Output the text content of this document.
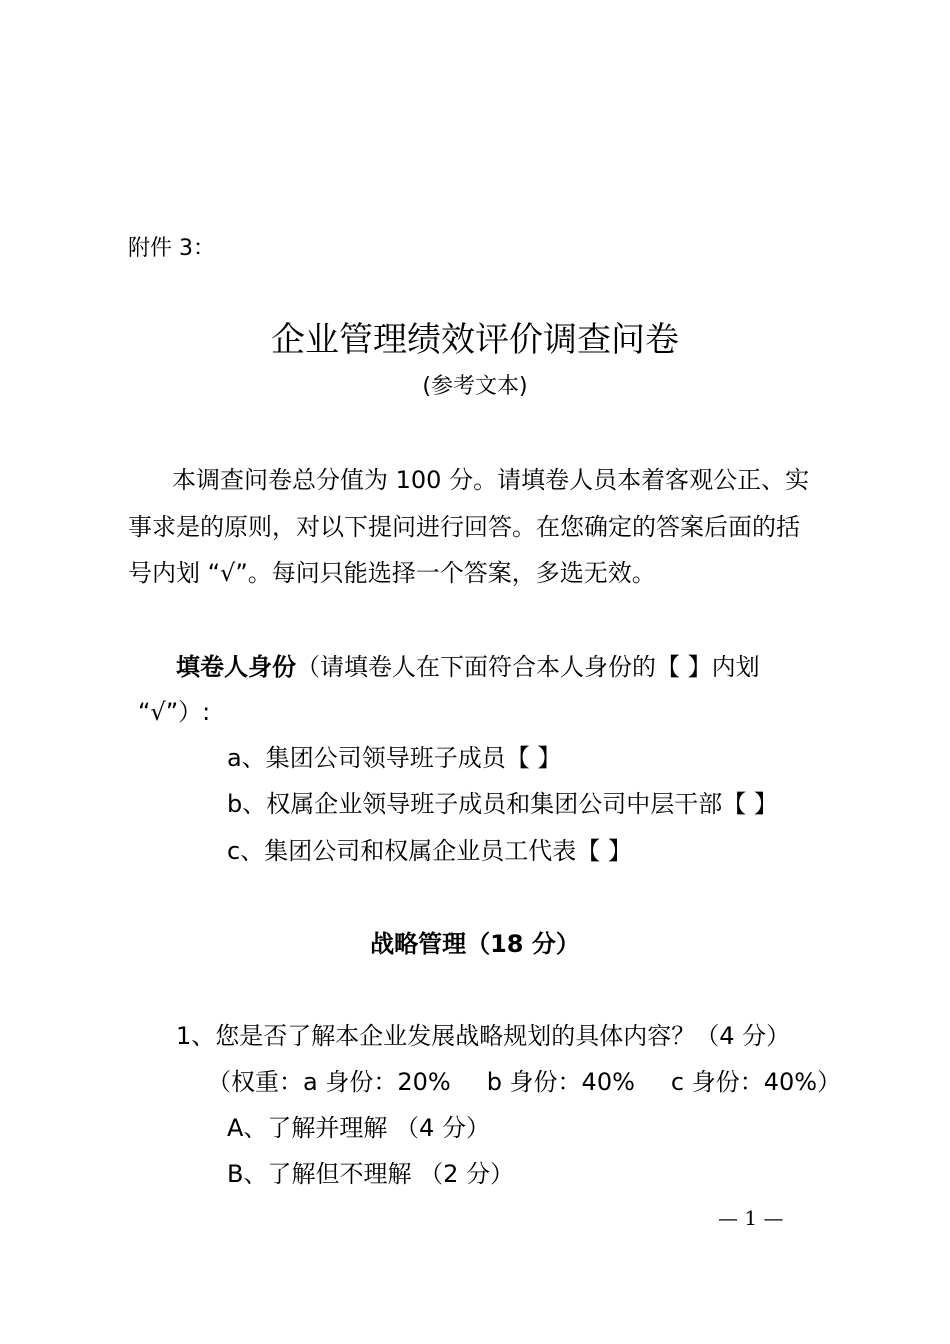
附件 3：
企业管理绩效评价调查问卷
(参考文本)
本调查问卷总分值为 100 分。请填卷人员本着客观公正、实
事求是的原则，对以下提问进行回答。在您确定的答案后面的括
号内划 “√”。每问只能选择一个答案，多选无效。
填卷人身份（请填卷人在下面符合本人身份的【 】内划
“√”）:
a、集团公司领导班子成员【 】
b、权属企业领导班子成员和集团公司中层干部【 】
c、集团公司和权属企业员工代表【 】
战略管理（18 分）
1、您是否了解本企业发展战略规划的具体内容？（4 分）
（权重：a 身份：20% b 身份：40% c 身份：40%）
A、了解并理解 （4 分）
B、了解但不理解 （2 分）
— 1 —
